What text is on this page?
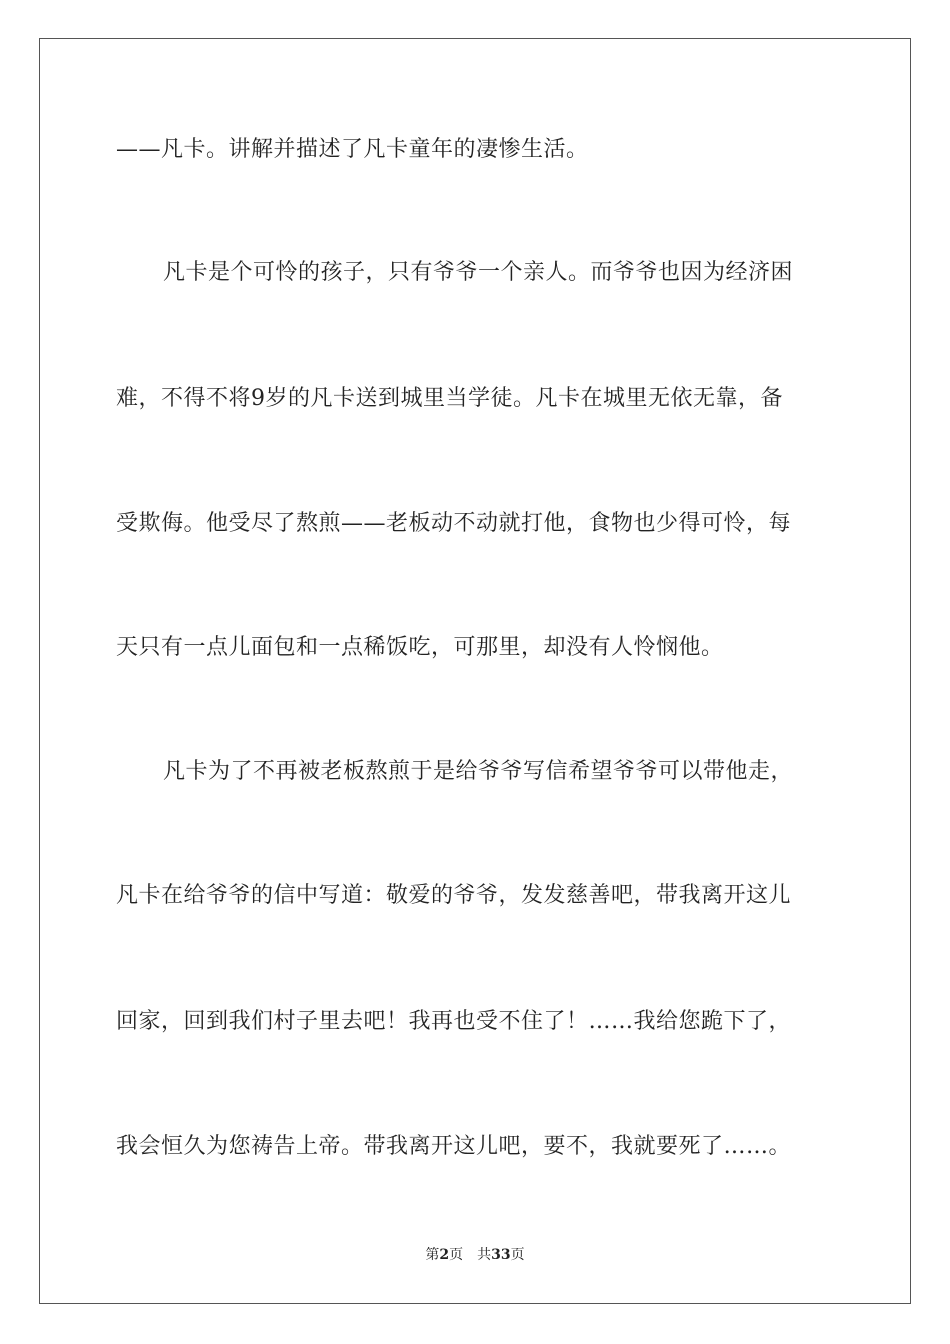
——凡卡。讲解并描述了凡卡童年的凄惨生活。
凡卡是个可怜的孩子，只有爷爷一个亲人。而爷爷也因为经济困
难，不得不将9岁的凡卡送到城里当学徒。凡卡在城里无依无靠，备
受欺侮。他受尽了熬煎——老板动不动就打他，食物也少得可怜，每
天只有一点儿面包和一点稀饭吃，可那里，却没有人怜悯他。
凡卡为了不再被老板熬煎于是给爷爷写信希望爷爷可以带他走，
凡卡在给爷爷的信中写道：敬爱的爷爷，发发慈善吧，带我离开这儿
回家，回到我们村子里去吧！我再也受不住了！……我给您跪下了，
我会恒久为您祷告上帝。带我离开这儿吧，要不，我就要死了……。
第2页 共33页
